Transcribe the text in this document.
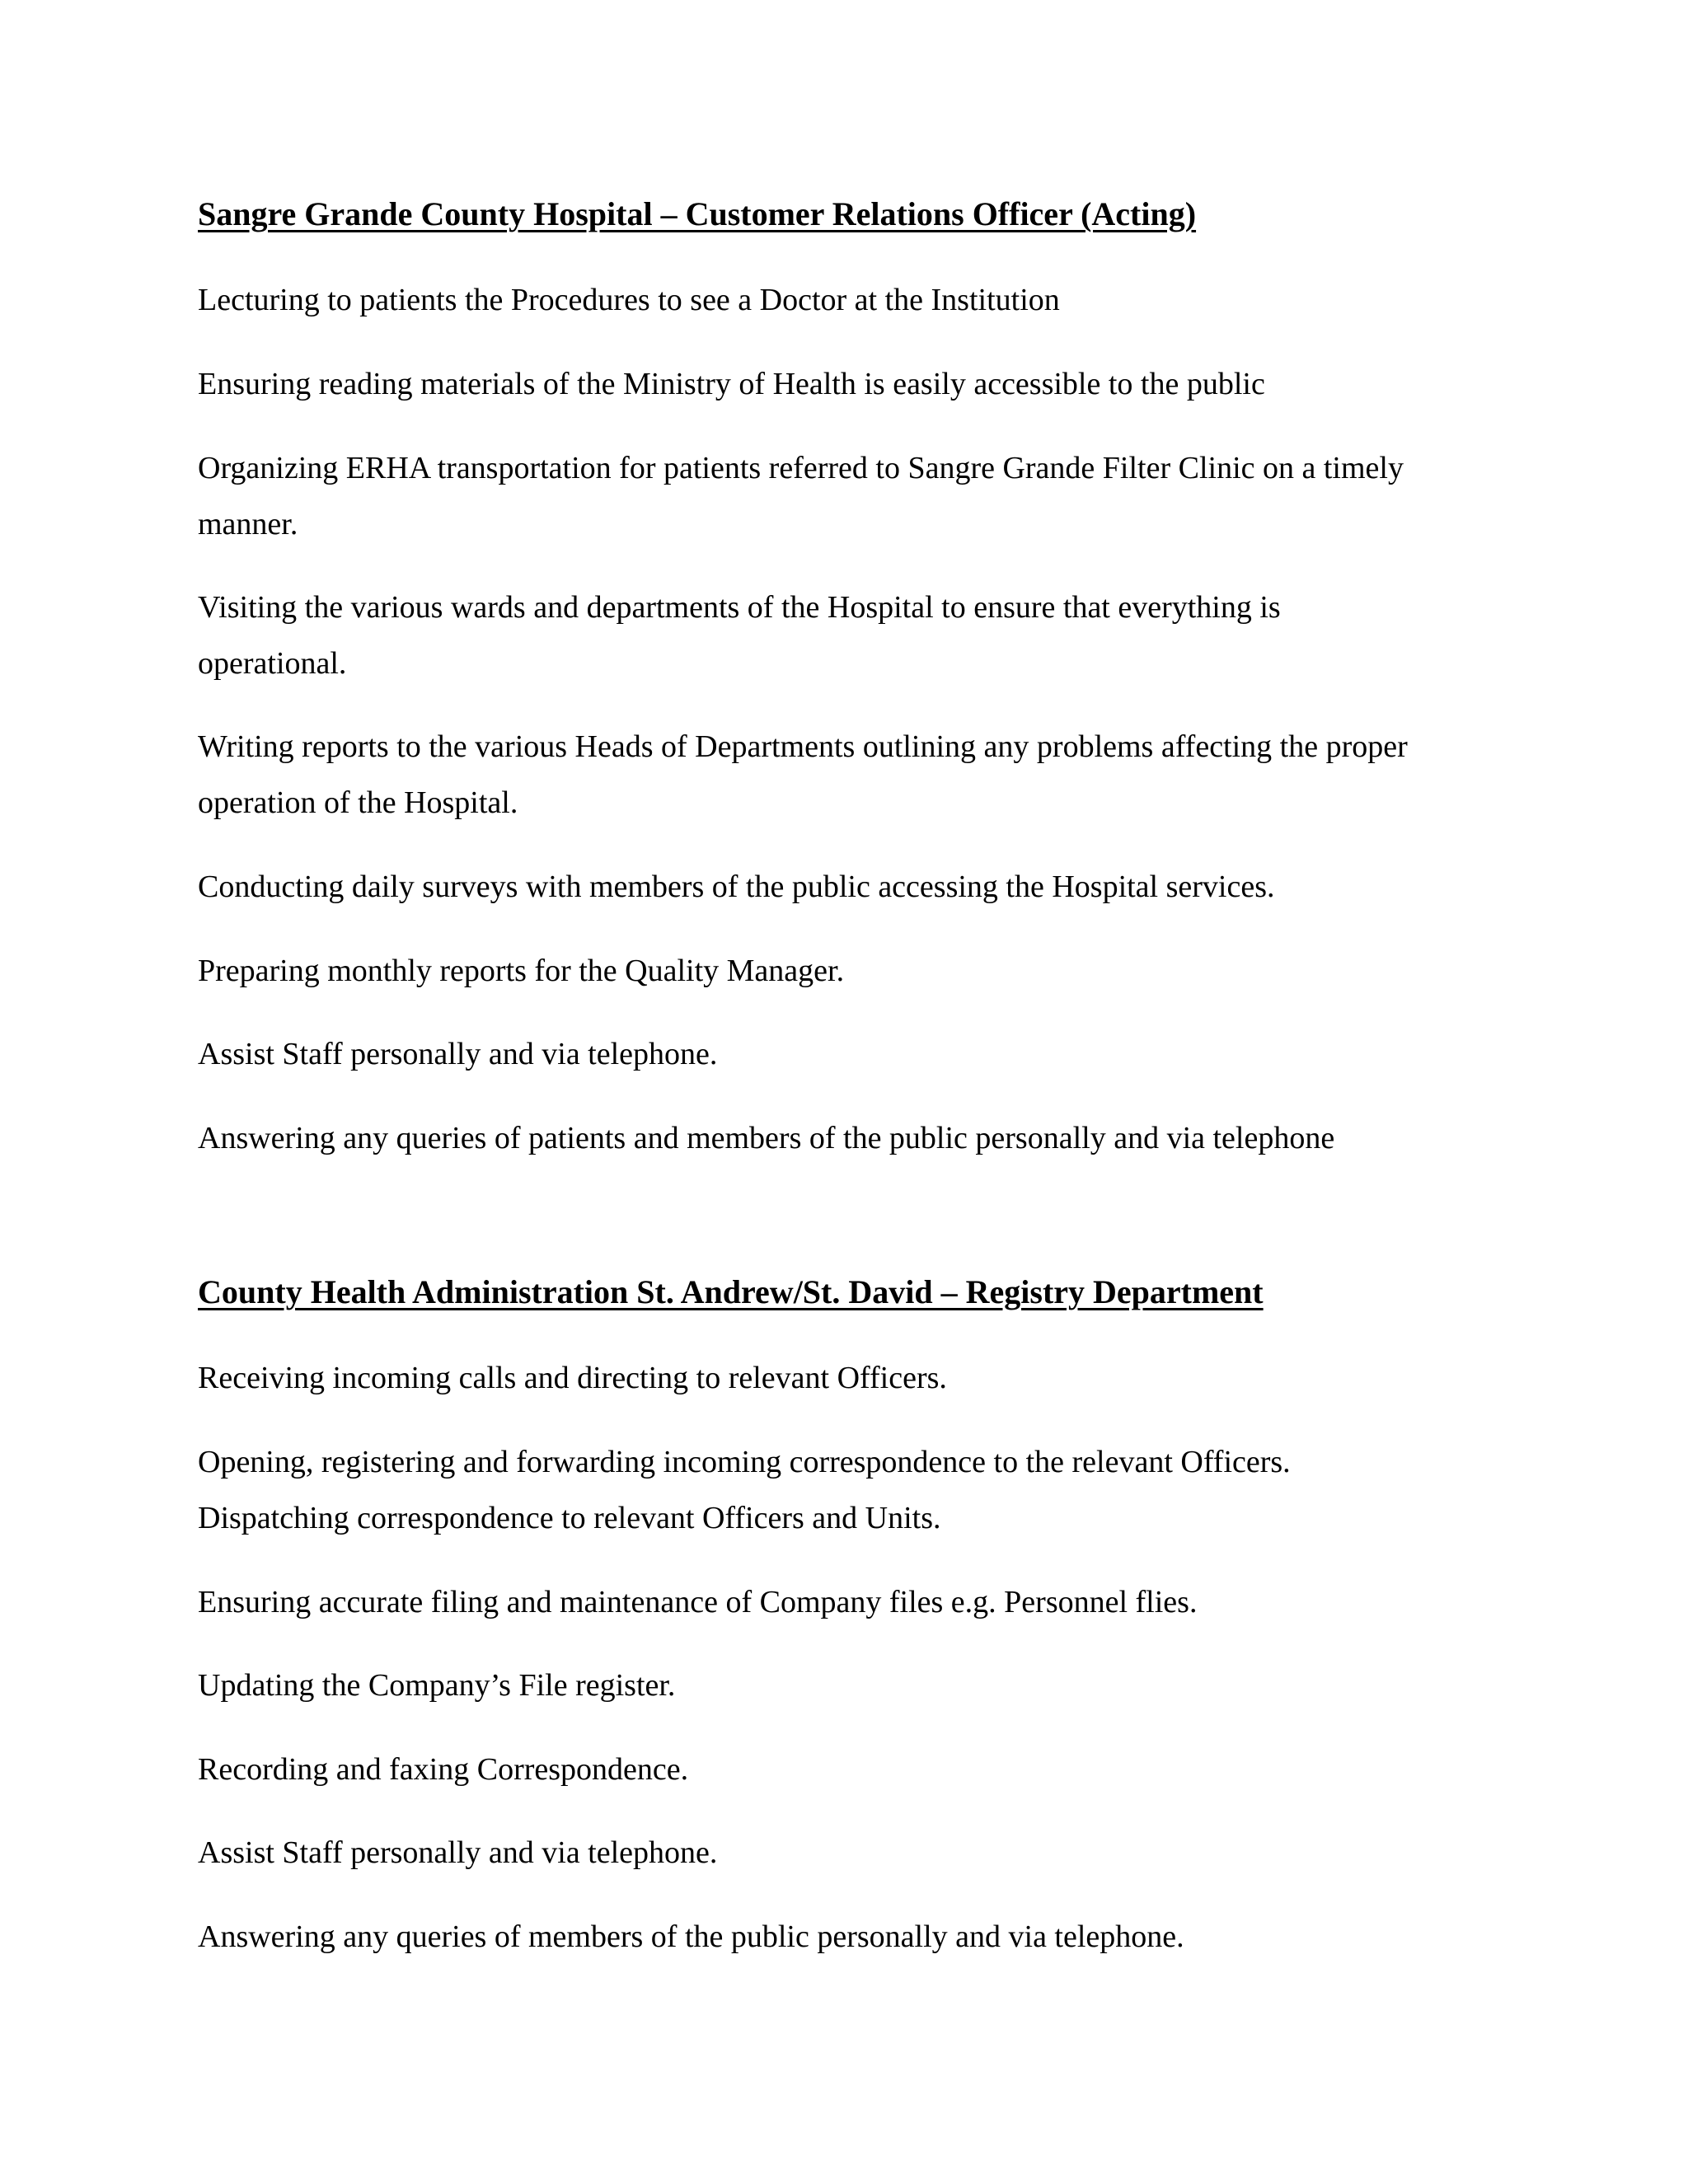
Sangre Grande County Hospital – Customer Relations Officer (Acting)

Lecturing to patients the Procedures to see a Doctor at the Institution

Ensuring reading materials of the Ministry of Health is easily accessible to the public

Organizing ERHA transportation for patients referred to Sangre Grande Filter Clinic on a timely
manner.

Visiting the various wards and departments of the Hospital to ensure that everything is
operational.

Writing reports to the various Heads of Departments outlining any problems affecting the proper
operation of the Hospital.

Conducting daily surveys with members of the public accessing the Hospital services.

Preparing monthly reports for the Quality Manager.

Assist Staff personally and via telephone.

Answering any queries of patients and members of the public personally and via telephone

County Health Administration St. Andrew/St. David – Registry Department

Receiving incoming calls and directing to relevant Officers.

Opening, registering and forwarding incoming correspondence to the relevant Officers.
Dispatching correspondence to relevant Officers and Units.

Ensuring accurate filing and maintenance of Company files e.g. Personnel flies.

Updating the Company’s File register.

Recording and faxing Correspondence.

Assist Staff personally and via telephone.

Answering any queries of members of the public personally and via telephone.
